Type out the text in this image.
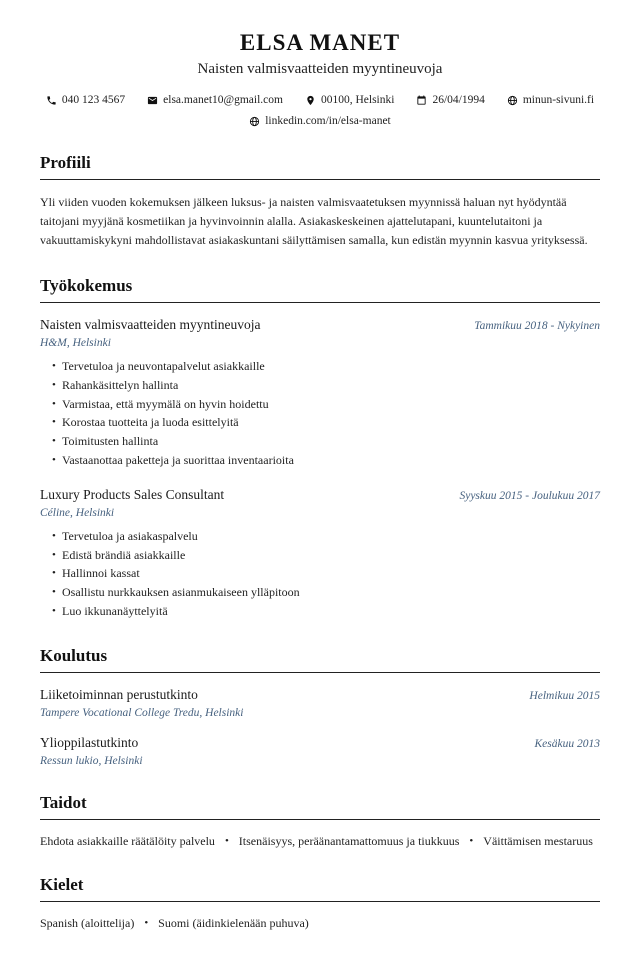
ELSA MANET
Naisten valmisvaatteiden myyntineuvoja
040 123 4567	elsa.manet10@gmail.com	00100, Helsinki	26/04/1994	minun-sivuni.fi
linkedin.com/in/elsa-manet
Profiili

Yli viiden vuoden kokemuksen jälkeen luksus- ja naisten valmisvaatetuksen myynnissä haluan nyt hyödyntää taitojani myyjänä kosmetiikan ja hyvinvoinnin alalla. Asiakaskeskeinen ajattelutapani, kuuntelutaitoni ja vakuuttamiskykyni mahdollistavat asiakaskuntani säilyttämisen samalla, kun edistän myynnin kasvua yrityksessä.

Työkokemus
Naisten valmisvaatteiden myyntineuvoja	Tammikuu 2018 - Nykyinen
H&M, Helsinki
• Tervetuloa ja neuvontapalvelut asiakkaille
• Rahankäsittelyn hallinta
• Varmistaa, että myymälä on hyvin hoidettu
• Korostaa tuotteita ja luoda esittelyitä
• Toimitusten hallinta
• Vastaanottaa paketteja ja suorittaa inventaarioita
Luxury Products Sales Consultant	Syyskuu 2015 - Joulukuu 2017
Céline, Helsinki
• Tervetuloa ja asiakaspalvelu
• Edistä brändiä asiakkaille
• Hallinnoi kassat
• Osallistu nurkkauksen asianmukaiseen ylläpitoon
• Luo ikkunanäyttelyitä
Koulutus
Liiketoiminnan perustutkinto	Helmikuu 2015
Tampere Vocational College Tredu, Helsinki
Ylioppilastutkinto	Kesäkuu 2013
Ressun lukio, Helsinki
Taidot
Ehdota asiakkaille räätälöity palvelu • Itsenäisyys, peräänantamattomuus ja tiukkuus • Väittämisen mestaruus
Kielet
Spanish (aloittelija) • Suomi (äidinkielenään puhuva)
